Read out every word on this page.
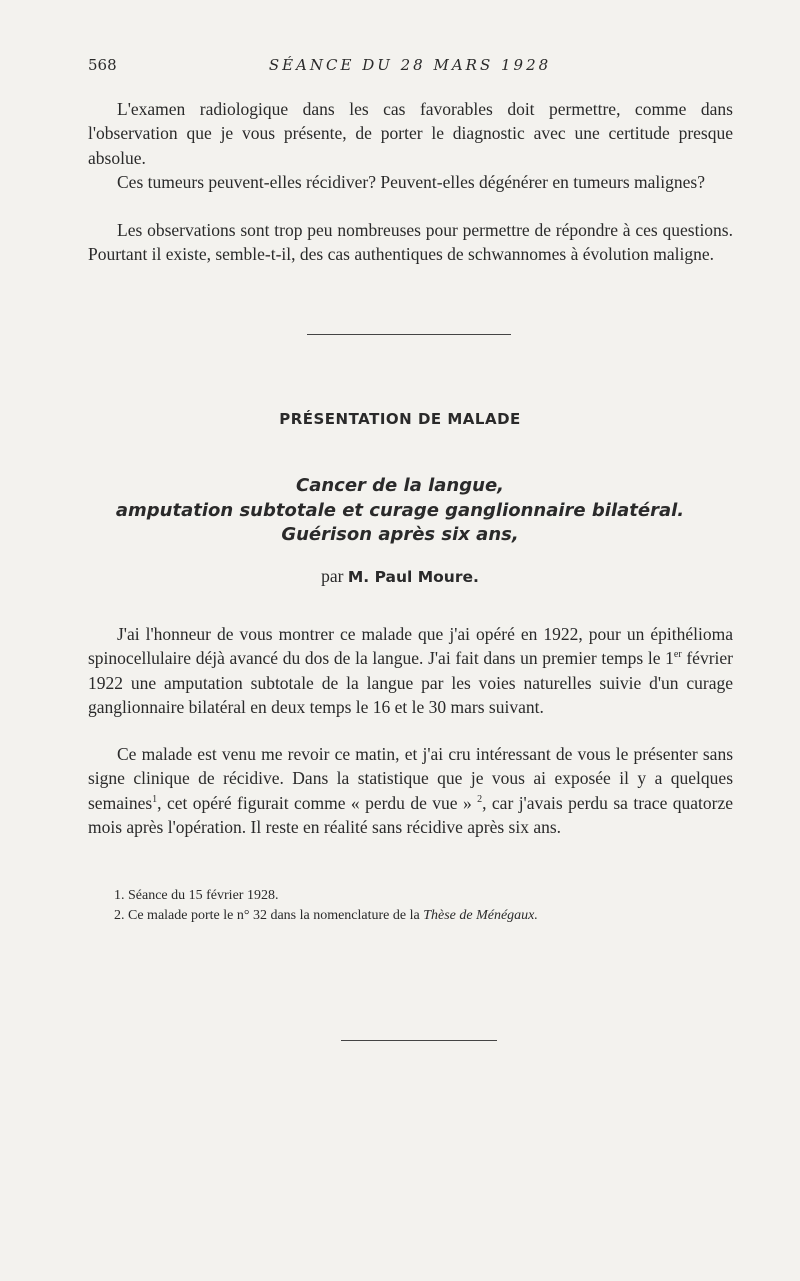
568	SÉANCE DU 28 MARS 1928

L'examen radiologique dans les cas favorables doit permettre, comme dans l'observation que je vous présente, de porter le diagnostic avec une certitude presque absolue.

Ces tumeurs peuvent-elles récidiver? Peuvent-elles dégénérer en tumeurs malignes?

Les observations sont trop peu nombreuses pour permettre de répondre à ces questions. Pourtant il existe, semble-t-il, des cas authentiques de schwannomes à évolution maligne.

PRÉSENTATION DE MALADE
Cancer de la langue,
amputation subtotale et curage ganglionnaire bilatéral.
Guérison après six ans,
par M. Paul Moure.

J'ai l'honneur de vous montrer ce malade que j'ai opéré en 1922, pour un épithélioma spinocellulaire déjà avancé du dos de la langue. J'ai fait dans un premier temps le 1er février 1922 une amputation subtotale de la langue par les voies naturelles suivie d'un curage ganglionnaire bilatéral en deux temps le 16 et le 30 mars suivant.

Ce malade est venu me revoir ce matin, et j'ai cru intéressant de vous le présenter sans signe clinique de récidive. Dans la statistique que je vous ai exposée il y a quelques semaines$^1$, cet opéré figurait comme « perdu de vue » $^2$, car j'avais perdu sa trace quatorze mois après l'opération. Il reste en réalité sans récidive après six ans.

1. Séance du 15 février 1928.
2. Ce malade porte le n° 32 dans la nomenclature de la Thèse de Ménégaux.
